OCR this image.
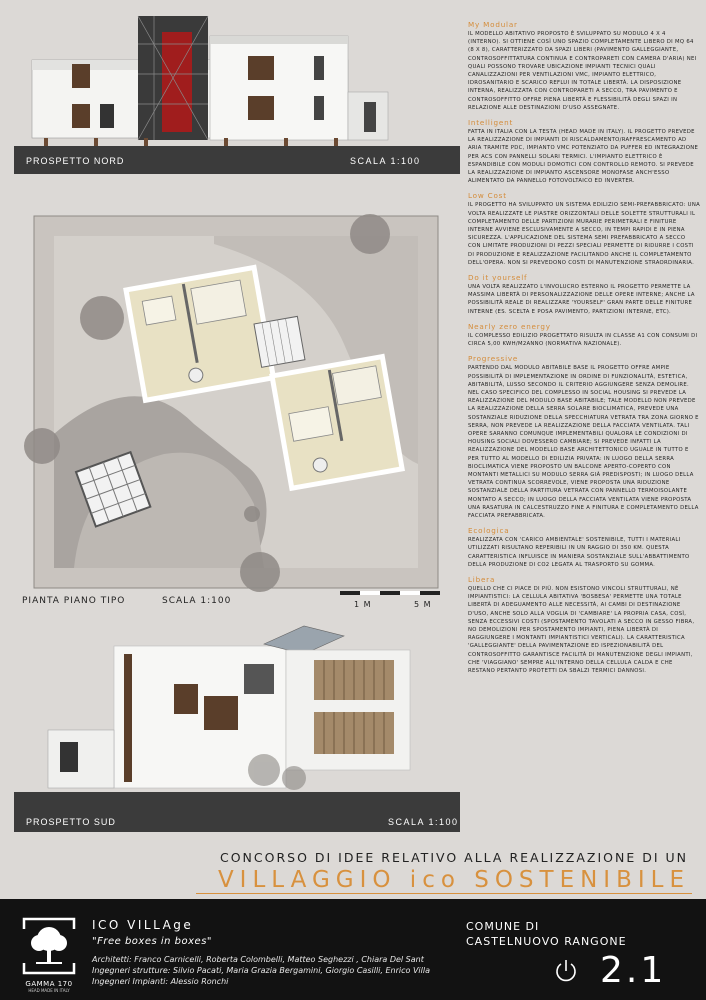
PROSPETTO NORD	SCALA 1:100
PIANTA PIANO TIPO	SCALA 1:100	1 M	5 M
PROSPETTO SUD	SCALA 1:100
My Modular

IL MODELLO ABITATIVO PROPOSTO È SVILUPPATO SU MODULO 4 X 4 (INTERNO). SI OTTIENE COSÌ UNO SPAZIO COMPLETAMENTE LIBERO DI MQ 64 (8 X 8), CARATTERIZZATO DA SPAZI LIBERI (PAVIMENTO GALLEGGIANTE, CONTROSOFFITTATURA CONTINUA E CONTROPARETI CON CAMERA D'ARIA) NEI QUALI POSSONO TROVARE UBICAZIONE IMPIANTI TECNICI QUALI CANALIZZAZIONI PER VENTILAZIONI VMC, IMPIANTO ELETTRICO, IDROSANITARIO E SCARICO REFLUI IN TOTALE LIBERTÀ. LA DISPOSIZIONE INTERNA, REALIZZATA CON CONTROPARETI A SECCO, TRA PAVIMENTO E CONTROSOFFITTO OFFRE PIENA LIBERTÀ E FLESSIBILITÀ DEGLI SPAZI IN RELAZIONE ALLE DESTINAZIONI D'USO ASSEGNATE.

Intelligent

FATTA IN ITALIA CON LA TESTA (HEAD MADE IN ITALY). IL PROGETTO PREVEDE LA REALIZZAZIONE DI IMPIANTI DI RISCALDAMENTO/RAFFRESCAMENTO AD ARIA TRAMITE PDC, IMPIANTO VMC POTENZIATO DA PUFFER ED INTEGRAZIONE PER ACS CON PANNELLI SOLARI TERMICI. L'IMPIANTO ELETTRICO È ESPANDIBILE CON MODULI DOMOTICI CON CONTROLLO REMOTO. SI PREVEDE LA REALIZZAZIONE DI IMPIANTO ASCENSORE MONOFASE ANCH'ESSO ALIMENTATO DA PANNELLO FOTOVOLTAICO ED INVERTER.

Low Cost

IL PROGETTO HA SVILUPPATO UN SISTEMA EDILIZIO SEMI-PREFABBRICATO: UNA VOLTA REALIZZATE LE PIASTRE ORIZZONTALI DELLE SOLETTE STRUTTURALI IL COMPLETAMENTO DELLE PARTIZIONI MURARIE PERIMETRALI E FINITURE INTERNE AVVIENE ESCLUSIVAMENTE A SECCO, IN TEMPI RAPIDI E IN PIENA SICUREZZA. L'APPLICAZIONE DEL SISTEMA SEMI PREFABBRICATO A SECCO CON LIMITATE PRODUZIONI DI PEZZI SPECIALI PERMETTE DI RIDURRE I COSTI DI PRODUZIONE E REALIZZAZIONE FACILITANDO ANCHE IL COMPLETAMENTO DELL'OPERA. NON SI PREVEDONO COSTI DI MANUTENZIONE STRAORDINARIA.

Do it yourself

UNA VOLTA REALIZZATO L'INVOLUCRO ESTERNO IL PROGETTO PERMETTE LA MASSIMA LIBERTÀ DI PERSONALIZZAZIONE DELLE OPERE INTERNE; ANCHE LA POSSIBILITÀ REALE DI REALIZZARE 'YOURSELF' GRAN PARTE DELLE FINITURE INTERNE (ES. SCELTA E POSA PAVIMENTO, PARTIZIONI INTERNE, ETC).

Nearly zero energy

IL COMPLESSO EDILIZIO PROGETTATO RISULTA IN CLASSE A1 CON CONSUMI DI CIRCA 5,00 KWH/M2ANNO (NORMATIVA NAZIONALE).

Progressive

PARTENDO DAL MODULO ABITABILE BASE IL PROGETTO OFFRE AMPIE POSSIBILITÀ DI IMPLEMENTAZIONE IN ORDINE DI FUNZIONALITÀ, ESTETICA, ABITABILITÀ, LUSSO SECONDO IL CRITERIO AGGIUNGERE SENZA DEMOLIRE. NEL CASO SPECIFICO DEL COMPLESSO IN SOCIAL HOUSING SI PREVEDE LA REALIZZAZIONE DEL MODULO BASE ABITABILE; TALE MODELLO NON PREVEDE LA REALIZZAZIONE DELLA SERRA SOLARE BIOCLIMATICA, PREVEDE UNA SOSTANZIALE RIDUZIONE DELLA SPECCHIATURA VETRATA TRA ZONA GIORNO E SERRA, NON PREVEDE LA REALIZZAZIONE DELLA FACCIATA VENTILATA. TALI OPERE SARANNO COMUNQUE IMPLEMENTABILI QUALORA LE CONDIZIONI DI HOUSING SOCIALI DOVESSERO CAMBIARE; SI PREVEDE INFATTI LA REALIZZAZIONE DEL MODELLO BASE ARCHITETTONICO UGUALE IN TUTTO E PER TUTTO AL MODELLO DI EDILIZIA PRIVATA: IN LUOGO DELLA SERRA BIOCLIMATICA VIENE PROPOSTO UN BALCONE APERTO-COPERTO CON MONTANTI METALLICI SU MODULO SERRA GIÀ PREDISPOSTI; IN LUOGO DELLA VETRATA CONTINUA SCORREVOLE, VIENE PROPOSTA UNA RIDUZIONE SOSTANZIALE DELLA PARTITURA VETRATA CON PANNELLO TERMOISOLANTE MONTATO A SECCO; IN LUOGO DELLA FACCIATA VENTILATA VIENE PROPOSTA UNA RASATURA IN CALCESTRUZZO FINE A FINITURA E COMPLETAMENTO DELLA FACCIATA PREFABBRICATA.

Ecologica

REALIZZATA CON 'CARICO AMBIENTALE' SOSTENIBILE, TUTTI I MATERIALI UTILIZZATI RISULTANO REPERIBILI IN UN RAGGIO DI 350 KM. QUESTA CARATTERISTICA INFLUISCE IN MANIERA SOSTANZIALE SULL'ABBATTIMENTO DELLA PRODUZIONE DI CO2 LEGATA AL TRASPORTO SU GOMMA.

Libera

QUELLO CHE CI PIACE DI PIÙ. NON ESISTONO VINCOLI STRUTTURALI, NÉ IMPIANTISTICI: LA CELLULA ABITATIVA 'BOSBESA' PERMETTE UNA TOTALE LIBERTÀ DI ADEGUAMENTO ALLE NECESSITÀ, AI CAMBI DI DESTINAZIONE D'USO, ANCHE SOLO ALLA VOGLIA DI 'CAMBIARE' LA PROPRIA CASA, COSÌ, SENZA ECCESSIVI COSTI (SPOSTAMENTO TAVOLATI A SECCO IN GESSO FIBRA, NO DEMOLIZIONI PER SPOSTAMENTO IMPIANTI, PIENA LIBERTÀ DI RAGGIUNGERE I MONTANTI IMPIANTISTICI VERTICALI). LA CARATTERISTICA 'GALLEGGIANTE' DELLA PAVIMENTAZIONE ED ISPEZIONABILITÀ DEL CONTROSOFFITTO GARANTISCE FACILITÀ DI MANUTENZIONE DEGLI IMPIANTI, CHE 'VIAGGIANO' SEMPRE ALL'INTERNO DELLA CELLULA CALDA E CHE RESTANO PERTANTO PROTETTI DA SBALZI TERMICI DANNOSI.

CONCORSO DI IDEE RELATIVO ALLA REALIZZAZIONE DI UN
VILLAGGIO ico SOSTENIBILE
GAMMA 170
HEAD MADE IN ITALY
ICO VILLAge
"Free boxes in boxes"
Architetti: Franco Carnicelli, Roberta Colombelli, Matteo Seghezzi , Chiara Del Sant
Ingegneri strutture: Silvio Pacati, Maria Grazia Bergamini, Giorgio Casilli, Enrico Villa
Ingegneri Impianti: Alessio Ronchi
COMUNE DI
CASTELNUOVO RANGONE
2.1
